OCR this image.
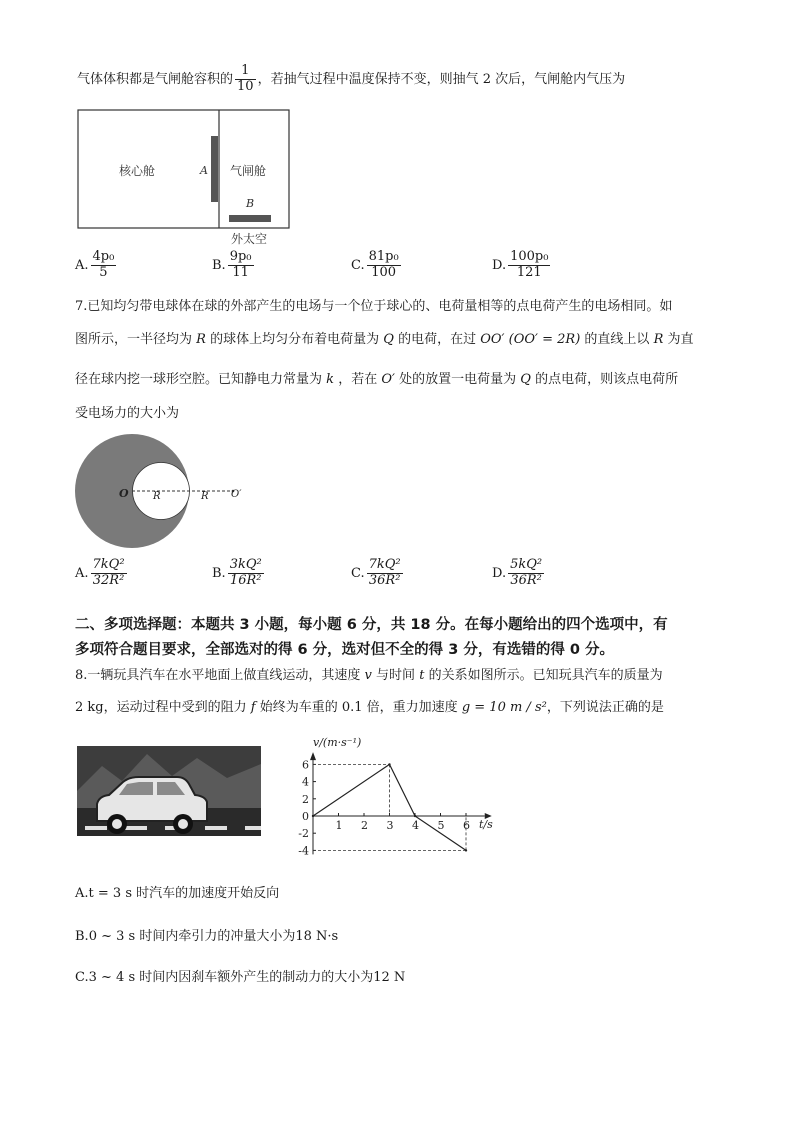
气体体积都是气闸舱容积的 $\frac{1}{10}$ ，若抽气过程中温度保持不变，则抽气 2 次后，气闸舱内气压为
核心舱	A 气闸舱
B
外太空
A. $\frac{\text{4p₀}}{5}$	B. $\frac{\text{9p₀}}{11}$	C. $\frac{\text{81p₀}}{100}$	D. $\frac{\text{100p₀}}{121}$
7.已知均匀带电球体在球的外部产生的电场与一个位于球心的、电荷量相等的点电荷产生的电场相同。如
图所示，一半径均为 R 的球体上均匀分布着电荷量为 Q 的电荷，在过 OO′ (OO′ = 2R) 的直线上以 R 为直
径在球内挖一球形空腔。已知静电力常量为 k ，若在 O′ 处的放置一电荷量为 Q 的点电荷，则该点电荷所
受电场力的大小为
O R	R O′
A. $\frac{\text{7kQ²}}{\text{32R²}}$	B. $\frac{\text{3kQ²}}{\text{16R²}}$	C. $\frac{\text{7kQ²}}{\text{36R²}}$	D. $\frac{\text{5kQ²}}{\text{36R²}}$
二、多项选择题：本题共 3 小题，每小题 6 分，共 18 分。在每小题给出的四个选项中，有
多项符合题目要求，全部选对的得 6 分，选对但不全的得 3 分，有选错的得 0 分。
8.一辆玩具汽车在水平地面上做直线运动，其速度 v 与时间 t 的关系如图所示。已知玩具汽车的质量为
2 kg，运动过程中受到的阻力 f 始终为车重的 0.1 倍，重力加速度 g = 10 m / s²，下列说法正确的是
v/(m·s⁻¹)
t/s
1 2 3 4 5 6
6
4
2
0
-2
-4
A.t = 3 s 时汽车的加速度开始反向
B.0 ~ 3 s 时间内牵引力的冲量大小为18 N·s
C.3 ~ 4 s 时间内因刹车额外产生的制动力的大小为12 N
